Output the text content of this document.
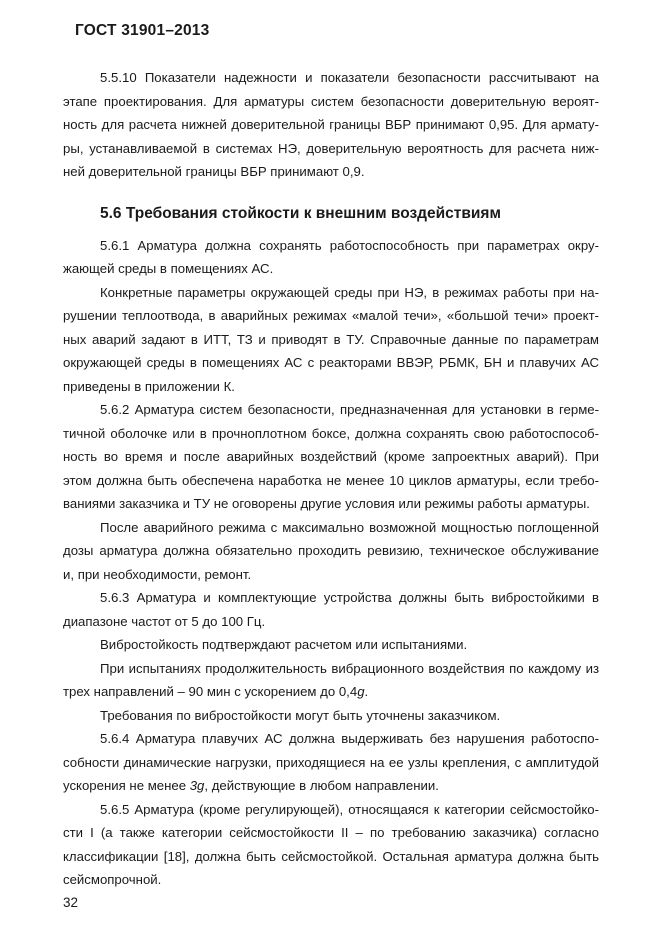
ГОСТ 31901–2013
5.5.10 Показатели надежности и показатели безопасности рассчитывают на
этапе проектирования. Для арматуры систем безопасности доверительную вероят-
ность для расчета нижней доверительной границы ВБР принимают 0,95. Для армату-
ры, устанавливаемой в системах НЭ, доверительную вероятность для расчета ниж-
ней доверительной границы ВБР принимают 0,9.
5.6 Требования стойкости к внешним воздействиям
5.6.1 Арматура должна сохранять работоспособность при параметрах окру-
жающей среды в помещениях АС.
Конкретные параметры окружающей среды при НЭ, в режимах работы при на-
рушении теплоотвода, в аварийных режимах «малой течи», «большой течи» проект-
ных аварий задают в ИТТ, ТЗ и приводят в ТУ. Справочные данные по параметрам
окружающей среды в помещениях АС с реакторами ВВЭР, РБМК, БН и плавучих АС
приведены в приложении К.
5.6.2 Арматура систем безопасности, предназначенная для установки в герме-
тичной оболочке или в прочноплотном боксе, должна сохранять свою работоспособ-
ность во время и после аварийных воздействий (кроме запроектных аварий). При
этом должна быть обеспечена наработка не менее 10 циклов арматуры, если требо-
ваниями заказчика и ТУ не оговорены другие условия или режимы работы арматуры.
После аварийного режима с максимально возможной мощностью поглощенной
дозы арматура должна обязательно проходить ревизию, техническое обслуживание
и, при необходимости, ремонт.
5.6.3 Арматура и комплектующие устройства должны быть вибростойкими в
диапазоне частот от 5 до 100 Гц.
Вибростойкость подтверждают расчетом или испытаниями.
При испытаниях продолжительность вибрационного воздействия по каждому из
трех направлений – 90 мин с ускорением до 0,4g.
Требования по вибростойкости могут быть уточнены заказчиком.
5.6.4 Арматура плавучих АС должна выдерживать без нарушения работоспо-
собности динамические нагрузки, приходящиеся на ее узлы крепления, с амплитудой
ускорения не менее 3g, действующие в любом направлении.
5.6.5 Арматура (кроме регулирующей), относящаяся к категории сейсмостойко-
сти I (а также категории сейсмостойкости II – по требованию заказчика) согласно
классификации [18], должна быть сейсмостойкой. Остальная арматура должна быть
сейсмопрочной.
32
